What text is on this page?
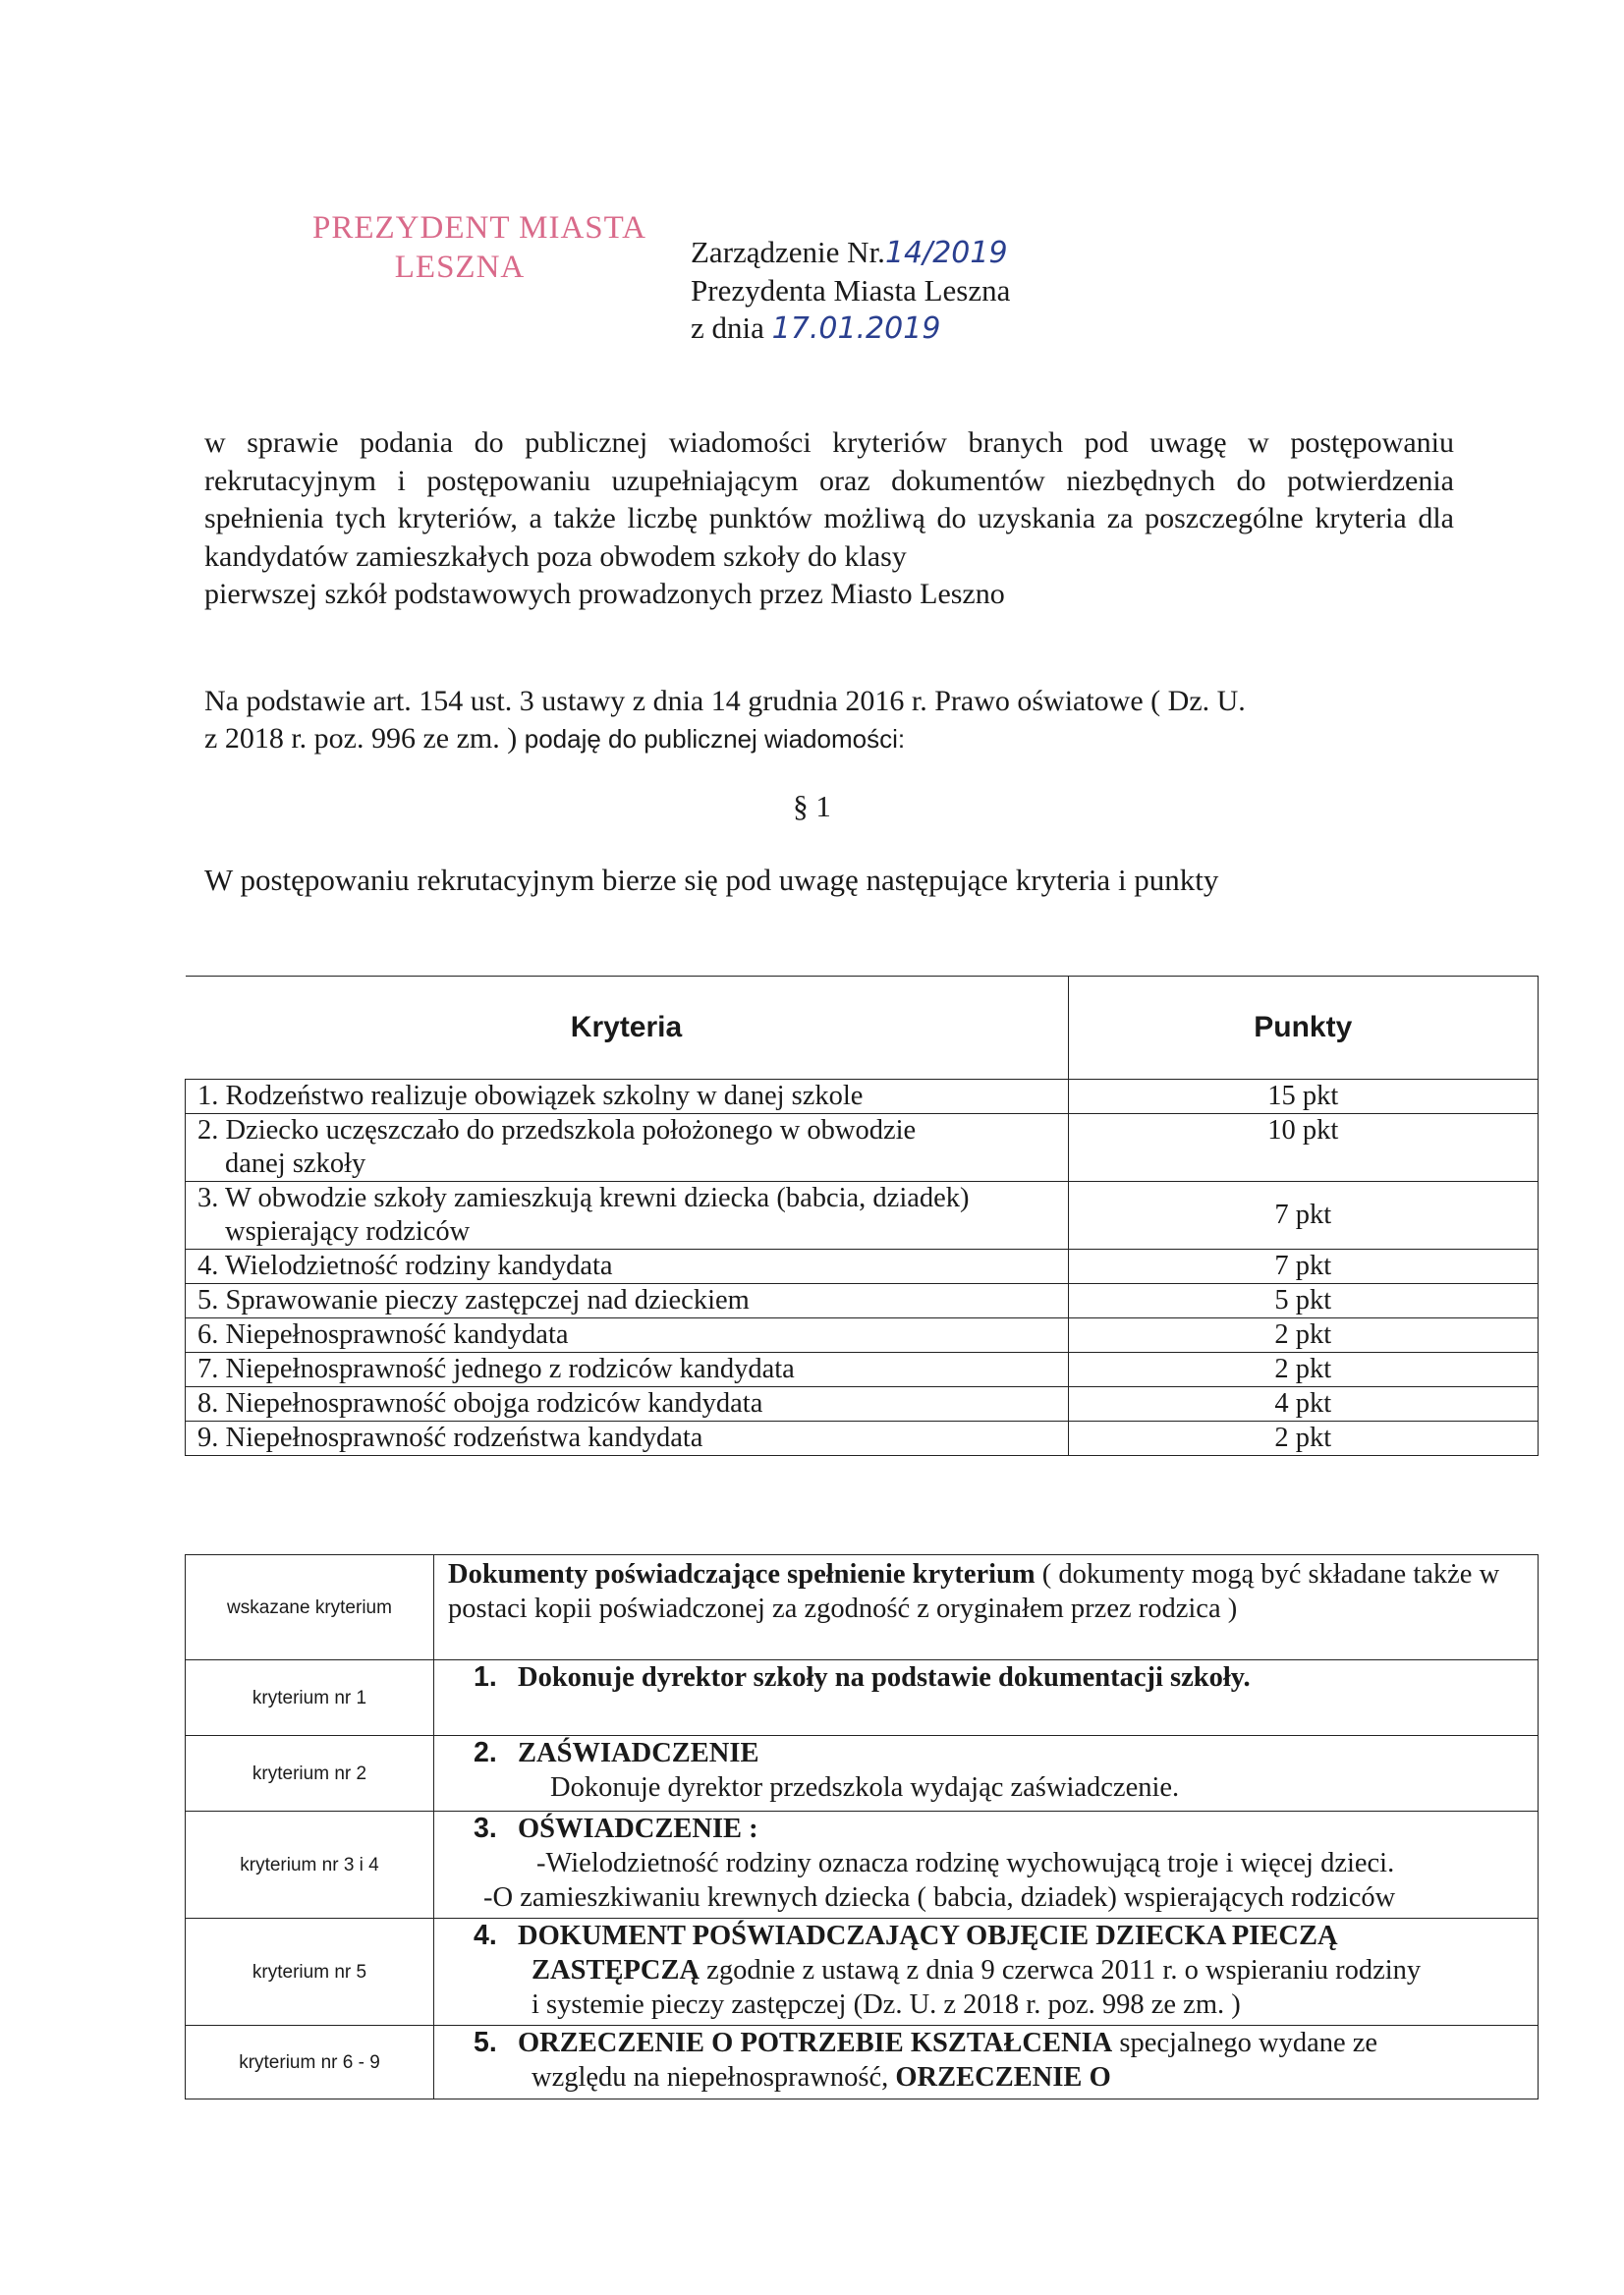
PREZYDENT MIASTA
LESZNA	Zarządzenie Nr.14/2019
Prezydenta Miasta Leszna
z dnia 17.01.2019
w sprawie podania do publicznej wiadomości kryteriów branych pod uwagę w postępowaniu rekrutacyjnym i postępowaniu uzupełniającym oraz dokumentów niezbędnych do potwierdzenia spełnienia tych kryteriów, a także liczbę punktów możliwą do uzyskania za poszczególne kryteria dla kandydatów zamieszkałych poza obwodem szkoły do klasy
pierwszej szkół podstawowych prowadzonych przez Miasto Leszno
Na podstawie art. 154 ust. 3 ustawy z dnia 14 grudnia 2016 r. Prawo oświatowe ( Dz. U.
z 2018 r. poz. 996 ze zm. ) podaję do publicznej wiadomości:
§ 1
W postępowaniu rekrutacyjnym bierze się pod uwagę następujące kryteria i punkty
Kryteria	Punkty
1. Rodzeństwo realizuje obowiązek szkolny w danej szkole	15 pkt
2. Dziecko uczęszczało do przedszkola położonego w obwodzie
danej szkoły	10 pkt
3. W obwodzie szkoły zamieszkują krewni dziecka (babcia, dziadek)
wspierający rodziców	7 pkt
4. Wielodzietność rodziny kandydata	7 pkt
5. Sprawowanie pieczy zastępczej nad dzieckiem	5 pkt
6. Niepełnosprawność kandydata	2 pkt
7. Niepełnosprawność jednego z rodziców kandydata	2 pkt
8. Niepełnosprawność obojga rodziców kandydata	4 pkt
9. Niepełnosprawność rodzeństwa kandydata	2 pkt
wskazane kryterium	Dokumenty poświadczające spełnienie kryterium ( dokumenty mogą być składane także w postaci kopii poświadczonej za zgodność z oryginałem przez rodzica )
kryterium nr 1	1. Dokonuje dyrektor szkoły na podstawie dokumentacji szkoły.
kryterium nr 2	2. ZAŚWIADCZENIE
Dokonuje dyrektor przedszkola wydając zaświadczenie.

kryterium nr 3 i 4	3. OŚWIADCZENIE :
-Wielodzietność rodziny oznacza rodzinę wychowującą troje i więcej dzieci.
-O zamieszkiwaniu krewnych dziecka ( babcia, dziadek) wspierających rodziców

kryterium nr 5	4. DOKUMENT POŚWIADCZAJĄCY OBJĘCIE DZIECKA PIECZĄ
ZASTĘPCZĄ zgodnie z ustawą z dnia 9 czerwca 2011 r. o wspieraniu rodziny
i systemie pieczy zastępczej (Dz. U. z 2018 r. poz. 998 ze zm. )

kryterium nr 6 - 9	5. ORZECZENIE O POTRZEBIE KSZTAŁCENIA specjalnego wydane ze
względu na niepełnosprawność, ORZECZENIE O
